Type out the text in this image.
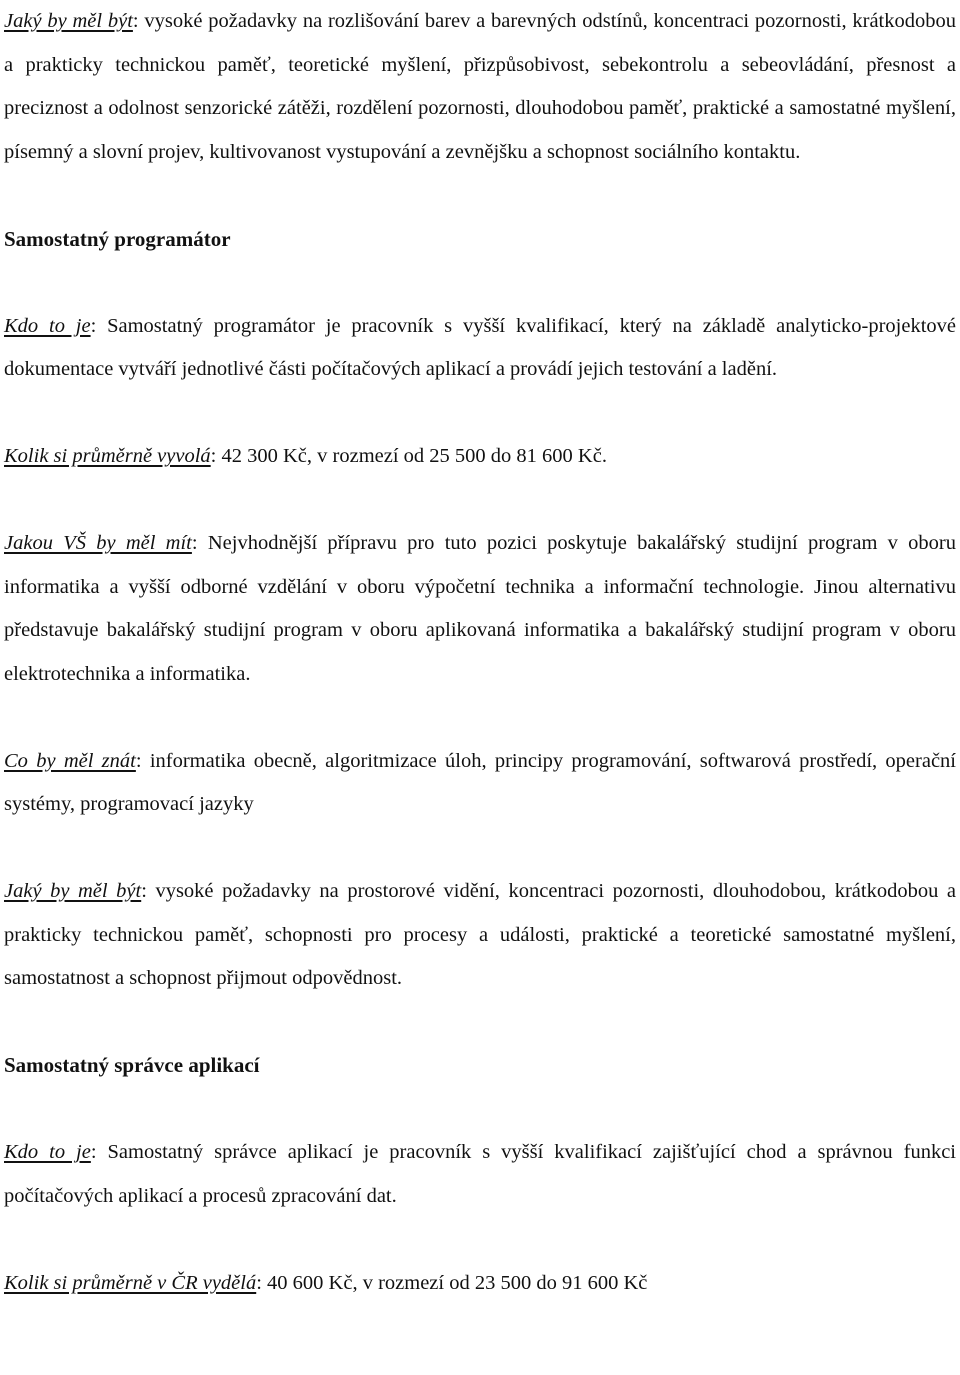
Jaký by měl být: vysoké požadavky na rozlišování barev a barevných odstínů, koncentraci pozornosti, krátkodobou a prakticky technickou paměť, teoretické myšlení, přizpůsobivost, sebekontrolu a sebeovládání, přesnost a preciznost a odolnost senzorické zátěži, rozdělení pozornosti, dlouhodobou paměť, praktické a samostatné myšlení, písemný a slovní projev, kultivovanost vystupování a zevnějšku a schopnost sociálního kontaktu.

Samostatný programátor

Kdo to je: Samostatný programátor je pracovník s vyšší kvalifikací, který na základě analyticko-projektové dokumentace vytváří jednotlivé části počítačových aplikací a provádí jejich testování a ladění.

Kolik si průměrně vyvolá: 42 300 Kč, v rozmezí od 25 500 do 81 600 Kč.

Jakou VŠ by měl mít: Nejvhodnější přípravu pro tuto pozici poskytuje bakalářský studijní program v oboru informatika a vyšší odborné vzdělání v oboru výpočetní technika a informační technologie. Jinou alternativu představuje bakalářský studijní program v oboru aplikovaná informatika a bakalářský studijní program v oboru elektrotechnika a informatika.

Co by měl znát: informatika obecně, algoritmizace úloh, principy programování, softwarová prostředí, operační systémy, programovací jazyky

Jaký by měl být: vysoké požadavky na prostorové vidění, koncentraci pozornosti, dlouhodobou, krátkodobou a prakticky technickou paměť, schopnosti pro procesy a události, praktické a teoretické samostatné myšlení, samostatnost a schopnost přijmout odpovědnost.

Samostatný správce aplikací

Kdo to je: Samostatný správce aplikací je pracovník s vyšší kvalifikací zajišťující chod a správnou funkci počítačových aplikací a procesů zpracování dat.

Kolik si průměrně v ČR vydělá: 40 600 Kč, v rozmezí od 23 500 do 91 600 Kč
